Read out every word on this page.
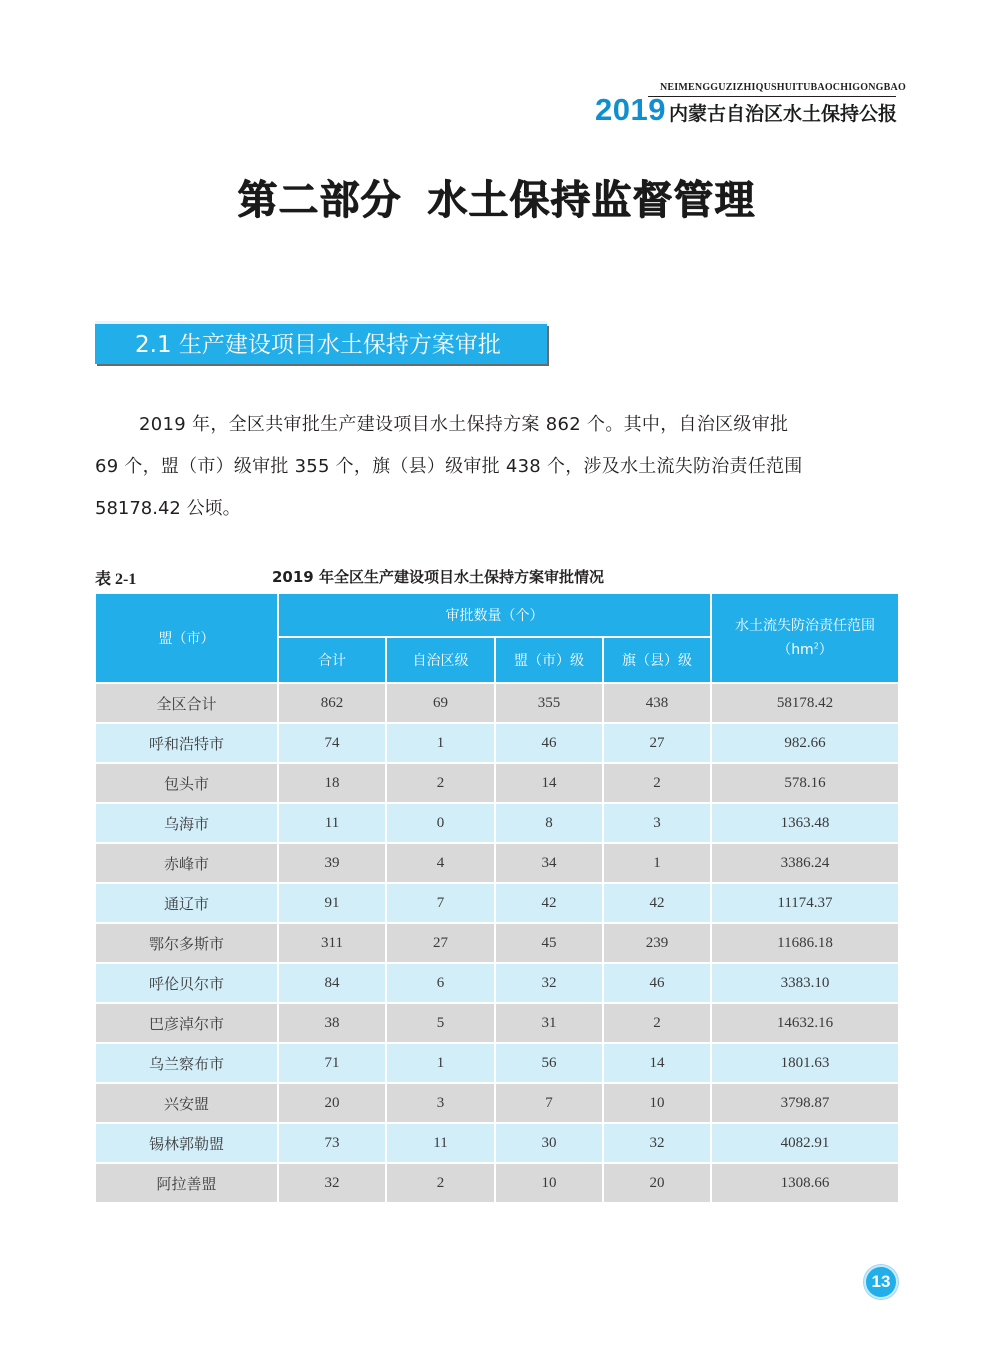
NEIMENGGUZIZHIQUSHUITUBAOCHIGONGBAO
2019 内蒙古自治区水土保持公报
第二部分 水土保持监督管理
2.1 生产建设项目水土保持方案审批

2019 年，全区共审批生产建设项目水土保持方案 862 个。其中，自治区级审批
69 个，盟（市）级审批 355 个，旗（县）级审批 438 个，涉及水土流失防治责任范围
58178.42 公顷。

表 2-1	2019 年全区生产建设项目水土保持方案审批情况
盟（市）	审批数量（个）				水土流失防治责任范围
$(hm^2)$
	合计	自治区级	盟（市）级	旗（县）级	
全区合计	862	69	355	438	58178.42
呼和浩特市	74	1	46	27	982.66
包头市	18	2	14	2	578.16
乌海市	11	0	8	3	1363.48
赤峰市	39	4	34	1	3386.24
通辽市	91	7	42	42	11174.37
鄂尔多斯市	311	27	45	239	11686.18
呼伦贝尔市	84	6	32	46	3383.10
巴彦淖尔市	38	5	31	2	14632.16
乌兰察布市	71	1	56	14	1801.63
兴安盟	20	3	7	10	3798.87
锡林郭勒盟	73	11	30	32	4082.91
阿拉善盟	32	2	10	20	1308.66
13
